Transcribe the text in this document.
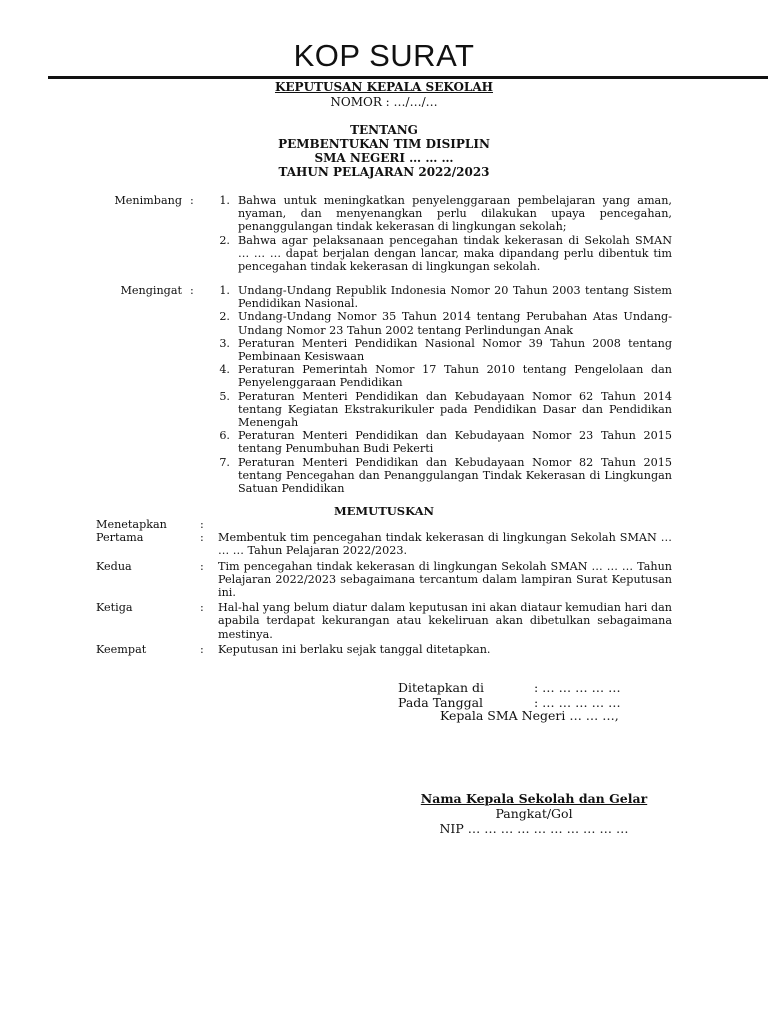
KOP SURAT
KEPUTUSAN KEPALA SEKOLAH
NOMOR : …/…/…
TENTANG
PEMBENTUKAN TIM DISIPLIN
SMA NEGERI … … …
TAHUN PELAJARAN 2022/2023
Menimbang :	1. Bahwa untuk meningkatkan penyelenggaraan pembelajaran yang aman, nyaman, dan menyenangkan perlu dilakukan upaya pencegahan, penanggulangan tindak kekerasan di lingkungan sekolah;
2. Bahwa agar pelaksanaan pencegahan tindak kekerasan di Sekolah SMAN … … … dapat berjalan dengan lancar, maka dipandang perlu dibentuk tim pencegahan tindak kekerasan di lingkungan sekolah.
Mengingat :	1. Undang-Undang Republik Indonesia Nomor 20 Tahun 2003 tentang Sistem Pendidikan Nasional.
2. Undang-Undang Nomor 35 Tahun 2014 tentang Perubahan Atas Undang-Undang Nomor 23 Tahun 2002 tentang Perlindungan Anak
3. Peraturan Menteri Pendidikan Nasional Nomor 39 Tahun 2008 tentang Pembinaan Kesiswaan
4. Peraturan Pemerintah Nomor 17 Tahun 2010 tentang Pengelolaan dan Penyelenggaraan Pendidikan
5. Peraturan Menteri Pendidikan dan Kebudayaan Nomor 62 Tahun 2014 tentang Kegiatan Ekstrakurikuler pada Pendidikan Dasar dan Pendidikan Menengah
6. Peraturan Menteri Pendidikan dan Kebudayaan Nomor 23 Tahun 2015 tentang Penumbuhan Budi Pekerti
7. Peraturan Menteri Pendidikan dan Kebudayaan Nomor 82 Tahun 2015 tentang Pencegahan dan Penanggulangan Tindak Kekerasan di Lingkungan Satuan Pendidikan
MEMUTUSKAN
Menetapkan	:
Pertama	:	Membentuk tim pencegahan tindak kekerasan di lingkungan Sekolah SMAN … … … Tahun Pelajaran 2022/2023.
Kedua	:	Tim pencegahan tindak kekerasan di lingkungan Sekolah SMAN … … … Tahun Pelajaran 2022/2023 sebagaimana tercantum dalam lampiran Surat Keputusan ini.
Ketiga	:	Hal-hal yang belum diatur dalam keputusan ini akan diataur kemudian hari dan apabila terdapat kekurangan atau kekeliruan akan dibetulkan sebagaimana mestinya.
Keempat	:	Keputusan ini berlaku sejak tanggal ditetapkan.
Ditetapkan di	: … … … … …
Pada Tanggal	: … … … … …
Kepala SMA Negeri … … …,
Nama Kepala Sekolah dan Gelar
Pangkat/Gol
NIP … … … … … … … … … …
